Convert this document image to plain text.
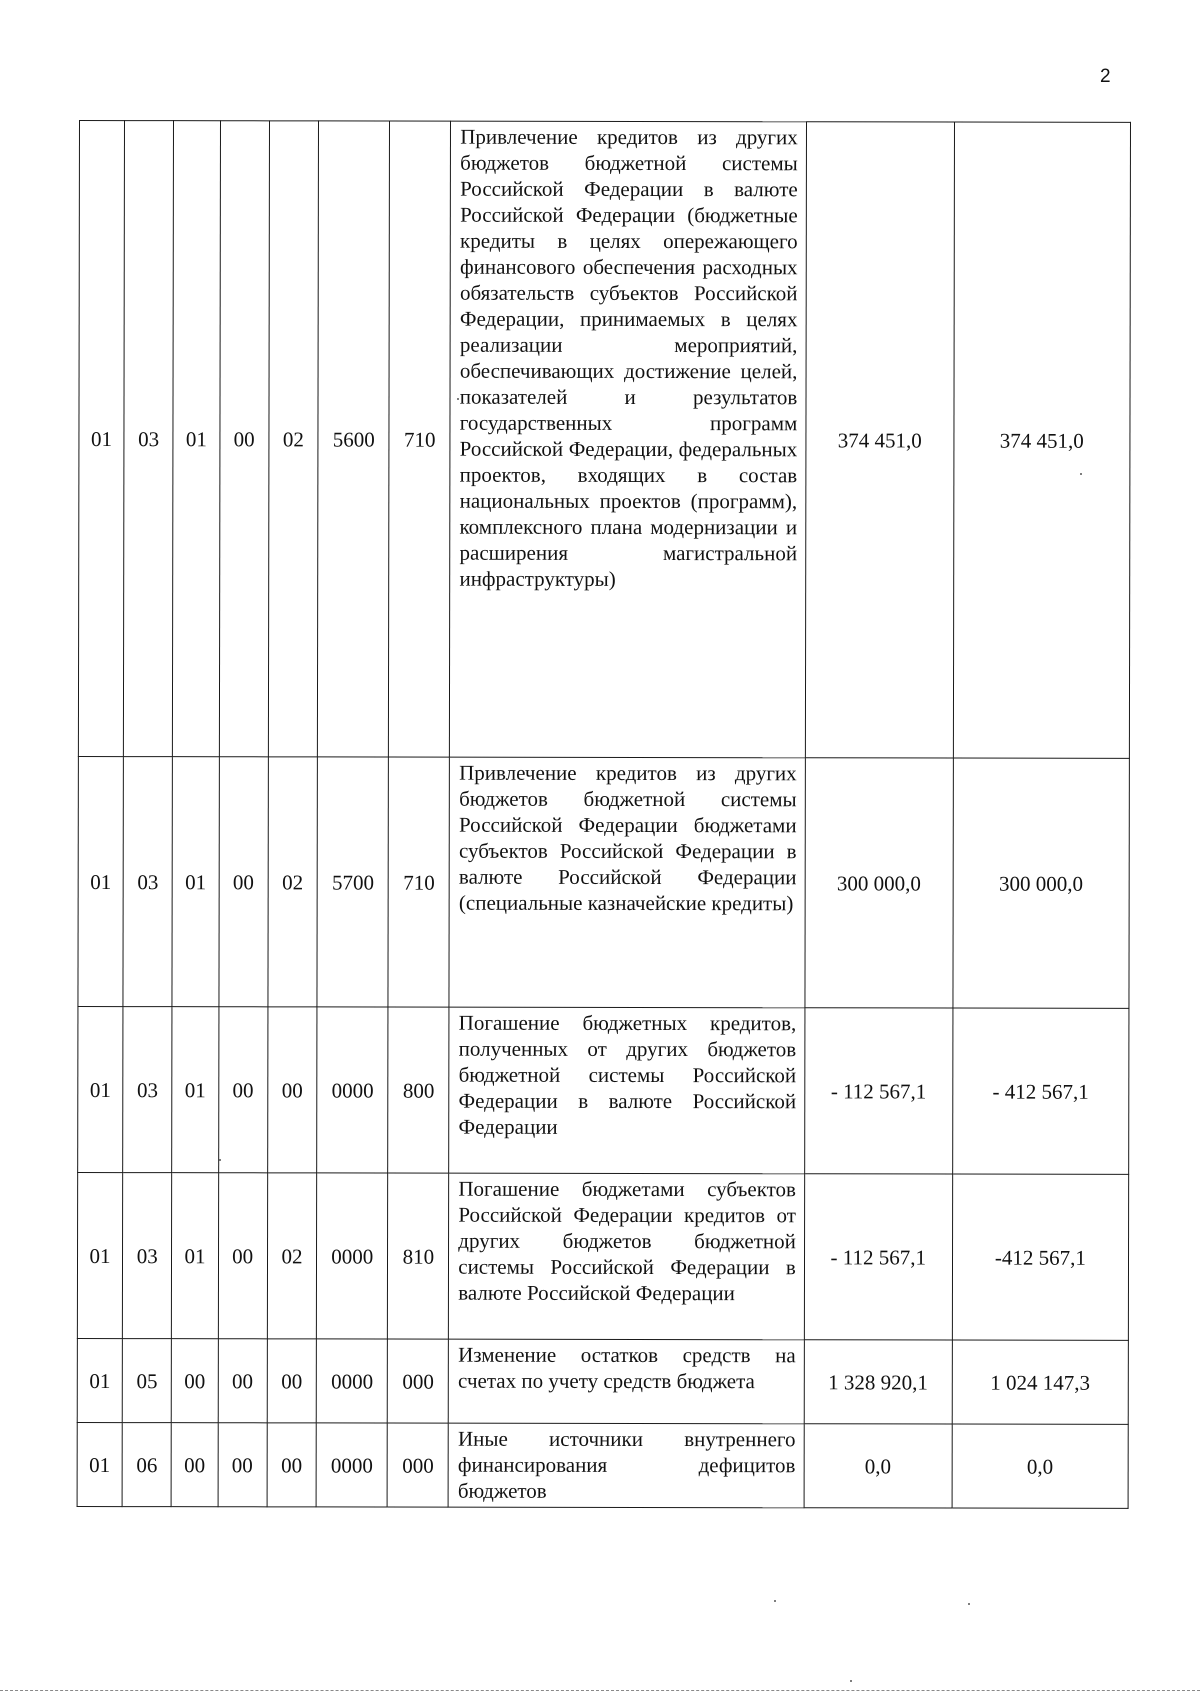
2
01	03	01	00	02	5600	710	Привлечение кредитов из других бюджетов бюджетной системы Российской Федерации в валюте Российской Федерации (бюджетные кредиты в целях опережающего финансового обеспечения расходных обязательств субъектов Российской Федерации, принимаемых в целях реализации мероприятий, обеспечивающих достижение целей, показателей и результатов государственных программ Российской Федерации, федеральных проектов, входящих в состав национальных проектов (программ), комплексного плана модернизации и расширения магистральной инфраструктуры)	374 451,0	374 451,0
01	03	01	00	02	5700	710	Привлечение кредитов из других бюджетов бюджетной системы Российской Федерации бюджетами субъектов Российской Федерации в валюте Российской Федерации (специальные казначейские кредиты)	300 000,0	300 000,0
01	03	01	00	00	0000	800	Погашение бюджетных кредитов, полученных от других бюджетов бюджетной системы Российской Федерации в валюте Российской Федерации	- 112 567,1	- 412 567,1
01	03	01	00	02	0000	810	Погашение бюджетами субъектов Российской Федерации кредитов от других бюджетов бюджетной системы Российской Федерации в валюте Российской Федерации	- 112 567,1	-412 567,1
01	05	00	00	00	0000	000	Изменение остатков средств на счетах по учету средств бюджета	1 328 920,1	1 024 147,3
01	06	00	00	00	0000	000	Иные источники внутреннего финансирования дефицитов бюджетов	0,0	0,0
